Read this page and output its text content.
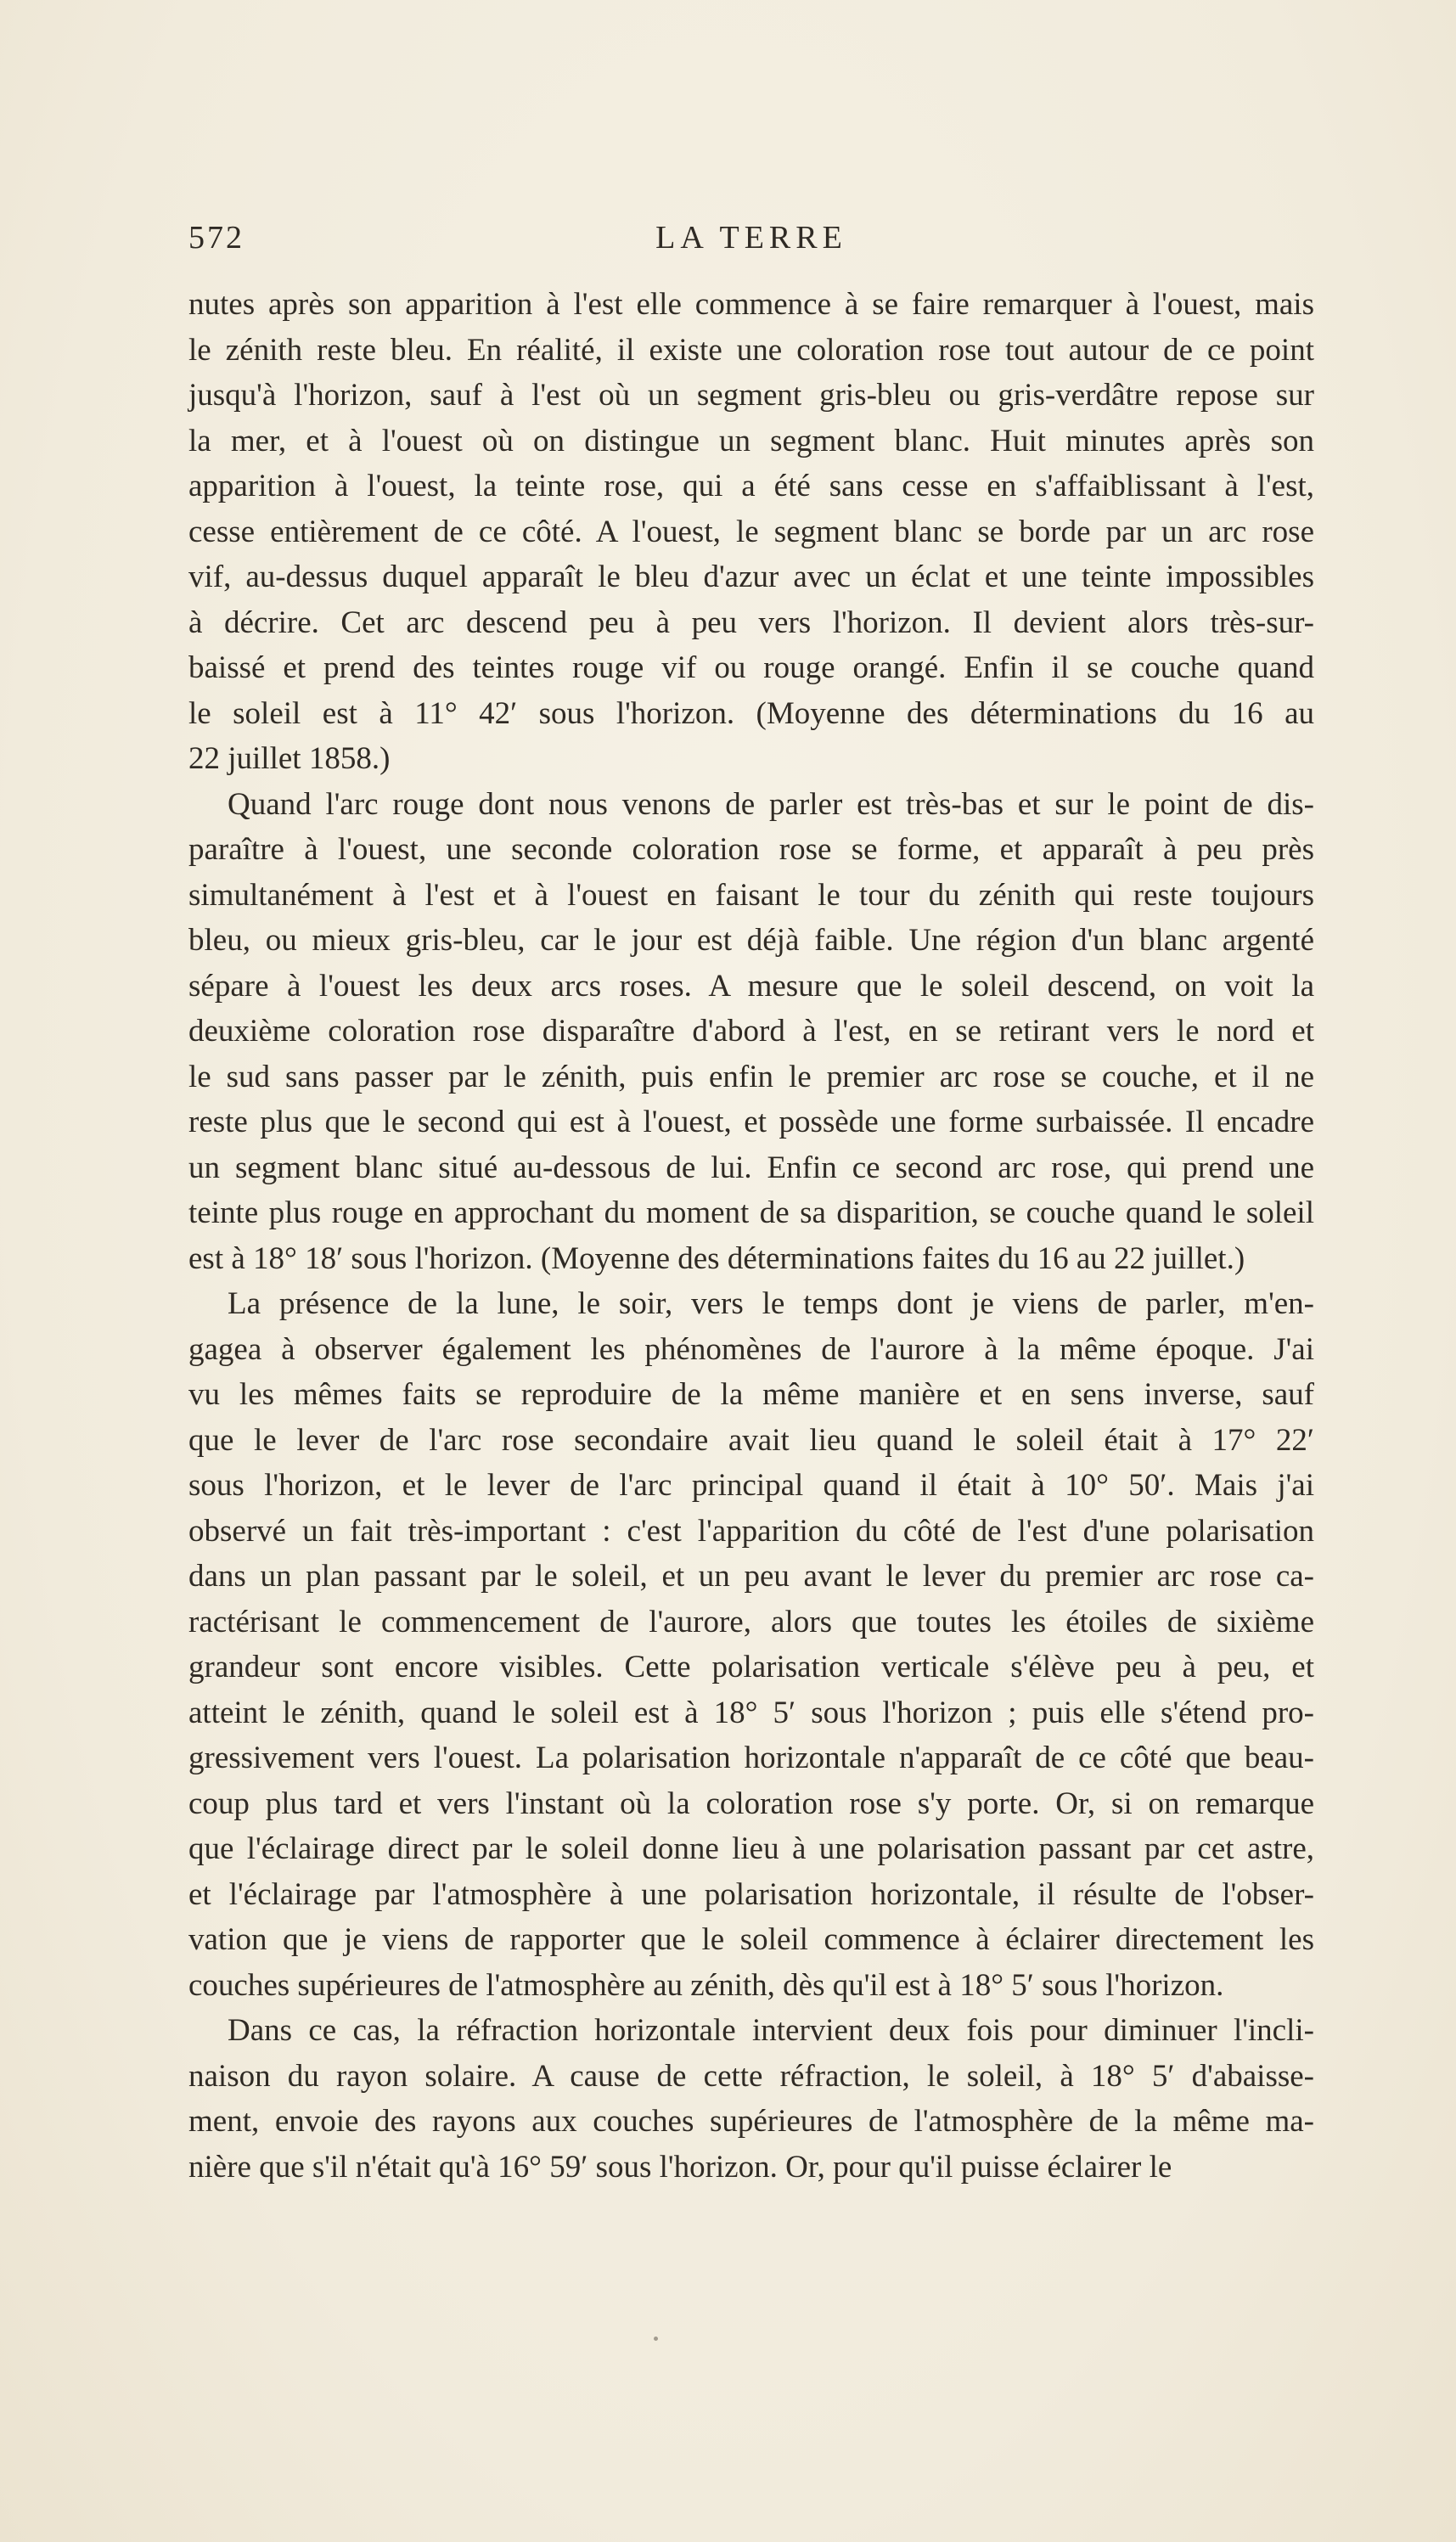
572	LA TERRE
nutes après son apparition à l'est elle commence à se faire remarquer à l'ouest, mais
le zénith reste bleu. En réalité, il existe une coloration rose tout autour de ce point
jusqu'à l'horizon, sauf à l'est où un segment gris-bleu ou gris-verdâtre repose sur
la mer, et à l'ouest où on distingue un segment blanc. Huit minutes après son
apparition à l'ouest, la teinte rose, qui a été sans cesse en s'affaiblissant à l'est,
cesse entièrement de ce côté. A l'ouest, le segment blanc se borde par un arc rose
vif, au-dessus duquel apparaît le bleu d'azur avec un éclat et une teinte impossibles
à décrire. Cet arc descend peu à peu vers l'horizon. Il devient alors très-sur-
baissé et prend des teintes rouge vif ou rouge orangé. Enfin il se couche quand
le soleil est à 11° 42′ sous l'horizon. (Moyenne des déterminations du 16 au
22 juillet 1858.)
Quand l'arc rouge dont nous venons de parler est très-bas et sur le point de dis-
paraître à l'ouest, une seconde coloration rose se forme, et apparaît à peu près
simultanément à l'est et à l'ouest en faisant le tour du zénith qui reste toujours
bleu, ou mieux gris-bleu, car le jour est déjà faible. Une région d'un blanc argenté
sépare à l'ouest les deux arcs roses. A mesure que le soleil descend, on voit la
deuxième coloration rose disparaître d'abord à l'est, en se retirant vers le nord et
le sud sans passer par le zénith, puis enfin le premier arc rose se couche, et il ne
reste plus que le second qui est à l'ouest, et possède une forme surbaissée. Il encadre
un segment blanc situé au-dessous de lui. Enfin ce second arc rose, qui prend une
teinte plus rouge en approchant du moment de sa disparition, se couche quand le soleil
est à 18° 18′ sous l'horizon. (Moyenne des déterminations faites du 16 au 22 juillet.)
La présence de la lune, le soir, vers le temps dont je viens de parler, m'en-
gagea à observer également les phénomènes de l'aurore à la même époque. J'ai
vu les mêmes faits se reproduire de la même manière et en sens inverse, sauf
que le lever de l'arc rose secondaire avait lieu quand le soleil était à 17° 22′
sous l'horizon, et le lever de l'arc principal quand il était à 10° 50′. Mais j'ai
observé un fait très-important : c'est l'apparition du côté de l'est d'une polarisation
dans un plan passant par le soleil, et un peu avant le lever du premier arc rose ca-
ractérisant le commencement de l'aurore, alors que toutes les étoiles de sixième
grandeur sont encore visibles. Cette polarisation verticale s'élève peu à peu, et
atteint le zénith, quand le soleil est à 18° 5′ sous l'horizon ; puis elle s'étend pro-
gressivement vers l'ouest. La polarisation horizontale n'apparaît de ce côté que beau-
coup plus tard et vers l'instant où la coloration rose s'y porte. Or, si on remarque
que l'éclairage direct par le soleil donne lieu à une polarisation passant par cet astre,
et l'éclairage par l'atmosphère à une polarisation horizontale, il résulte de l'obser-
vation que je viens de rapporter que le soleil commence à éclairer directement les
couches supérieures de l'atmosphère au zénith, dès qu'il est à 18° 5′ sous l'horizon.
Dans ce cas, la réfraction horizontale intervient deux fois pour diminuer l'incli-
naison du rayon solaire. A cause de cette réfraction, le soleil, à 18° 5′ d'abaisse-
ment, envoie des rayons aux couches supérieures de l'atmosphère de la même ma-
nière que s'il n'était qu'à 16° 59′ sous l'horizon. Or, pour qu'il puisse éclairer le
